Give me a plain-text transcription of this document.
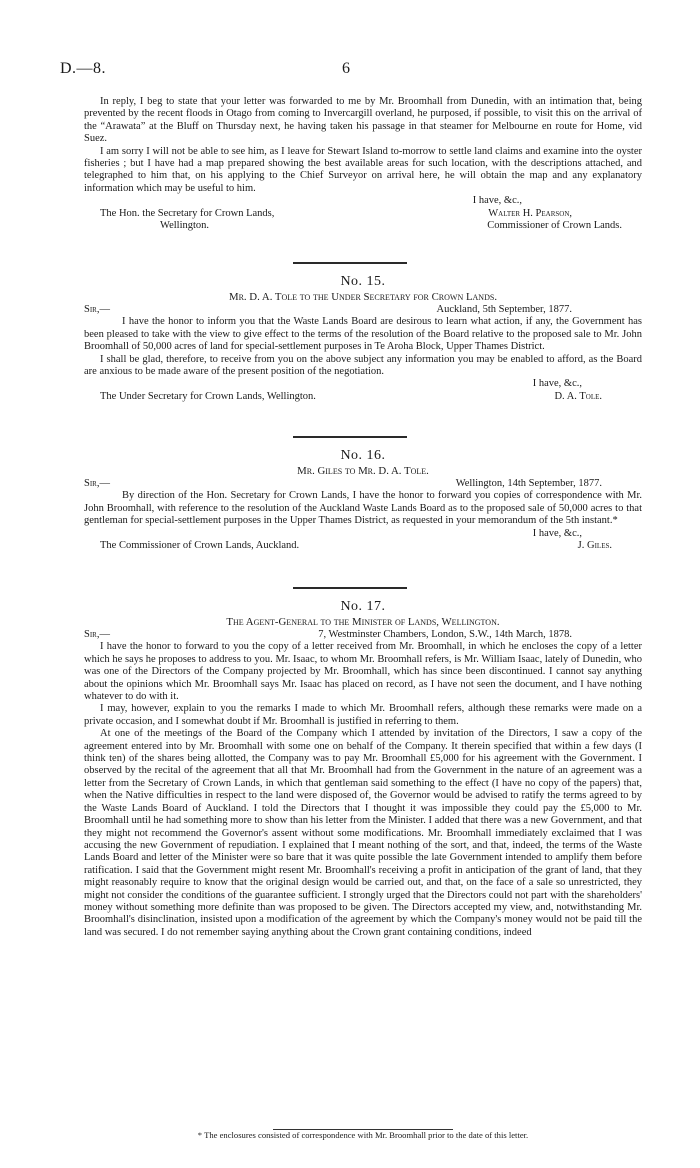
D.—8.	6

In reply, I beg to state that your letter was forwarded to me by Mr. Broomhall from Dunedin, with an intimation that, being prevented by the recent floods in Otago from coming to Invercargill overland, he purposed, if possible, to visit this on the arrival of the “Arawata” at the Bluff on Thursday next, he having taken his passage in that steamer for Melbourne en route for Home, vid Suez.

I am sorry I will not be able to see him, as I leave for Stewart Island to-morrow to settle land claims and examine into the oyster fisheries ; but I have had a map prepared showing the best available areas for such location, with the descriptions attached, and telegraphed to him that, on his applying to the Chief Surveyor on arrival here, he will obtain the map and any explanatory information which may be useful to him.

I have, &c.,
The Hon. the Secretary for Crown Lands,	Walter H. Pearson,
Wellington.	Commissioner of Crown Lands.
No. 15.
Mr. D. A. Tole to the Under Secretary for Crown Lands.
Sir,—	Auckland, 5th September, 1877.

I have the honor to inform you that the Waste Lands Board are desirous to learn what action, if any, the Government has been pleased to take with the view to give effect to the terms of the resolution of the Board relative to the proposed sale to Mr. John Broomhall of 50,000 acres of land for special-settlement purposes in Te Aroha Block, Upper Thames District.

I shall be glad, therefore, to receive from you on the above subject any information you may be enabled to afford, as the Board are anxious to be made aware of the present position of the negotiation.

I have, &c.,
The Under Secretary for Crown Lands, Wellington.	D. A. Tole.
No. 16.
Mr. Giles to Mr. D. A. Tole.
Sir,—	Wellington, 14th September, 1877.

By direction of the Hon. Secretary for Crown Lands, I have the honor to forward you copies of correspondence with Mr. John Broomhall, with reference to the resolution of the Auckland Waste Lands Board as to the proposed sale of 50,000 acres to that gentleman for special-settlement purposes in the Upper Thames District, as requested in your memorandum of the 5th instant.*

I have, &c.,
The Commissioner of Crown Lands, Auckland.	J. Giles.
No. 17.
The Agent-General to the Minister of Lands, Wellington.
Sir,—	7, Westminster Chambers, London, S.W., 14th March, 1878.

I have the honor to forward to you the copy of a letter received from Mr. Broomhall, in which he encloses the copy of a letter which he says he proposes to address to you. Mr. Isaac, to whom Mr. Broomhall refers, is Mr. William Isaac, lately of Dunedin, who was one of the Directors of the Company projected by Mr. Broomhall, which has since been discontinued. I cannot say anything about the opinions which Mr. Broomhall says Mr. Isaac has placed on record, as I have not seen the document, and I have nothing whatever to do with it.

I may, however, explain to you the remarks I made to which Mr. Broomhall refers, although these remarks were made on a private occasion, and I somewhat doubt if Mr. Broomhall is justified in referring to them.

At one of the meetings of the Board of the Company which I attended by invitation of the Directors, I saw a copy of the agreement entered into by Mr. Broomhall with some one on behalf of the Company. It therein specified that within a few days (I think ten) of the shares being allotted, the Company was to pay Mr. Broomhall £5,000 for his agreement with the Government. I observed by the recital of the agreement that all that Mr. Broomhall had from the Government in the nature of an agreement was a letter from the Secretary of Crown Lands, in which that gentleman said something to the effect (I have no copy of the papers) that, when the Native difficulties in respect to the land were disposed of, the Governor would be advised to ratify the terms agreed to by the Waste Lands Board of Auckland. I told the Directors that I thought it was impossible they could pay the £5,000 to Mr. Broomhall until he had something more to show than his letter from the Minister. I added that there was a new Government, and that they might not recommend the Governor's assent without some modifications. Mr. Broomhall immediately exclaimed that I was accusing the new Government of repudiation. I explained that I meant nothing of the sort, and that, indeed, the terms of the Waste Lands Board and letter of the Minister were so bare that it was quite possible the late Government intended to amplify them before ratification. I said that the Government might resent Mr. Broomhall's receiving a profit in anticipation of the grant of land, that they might reasonably require to know that the original design would be carried out, and that, on the face of a sale so unrestricted, they might not consider the conditions of the guarantee sufficient. I strongly urged that the Directors could not part with the shareholders' money without something more definite than was proposed to be given. The Directors accepted my view, and, notwithstanding Mr. Broomhall's disinclination, insisted upon a modification of the agreement by which the Company's money would not be paid till the land was secured. I do not remember saying anything about the Crown grant containing conditions, indeed

* The enclosures consisted of correspondence with Mr. Broomhall prior to the date of this letter.
